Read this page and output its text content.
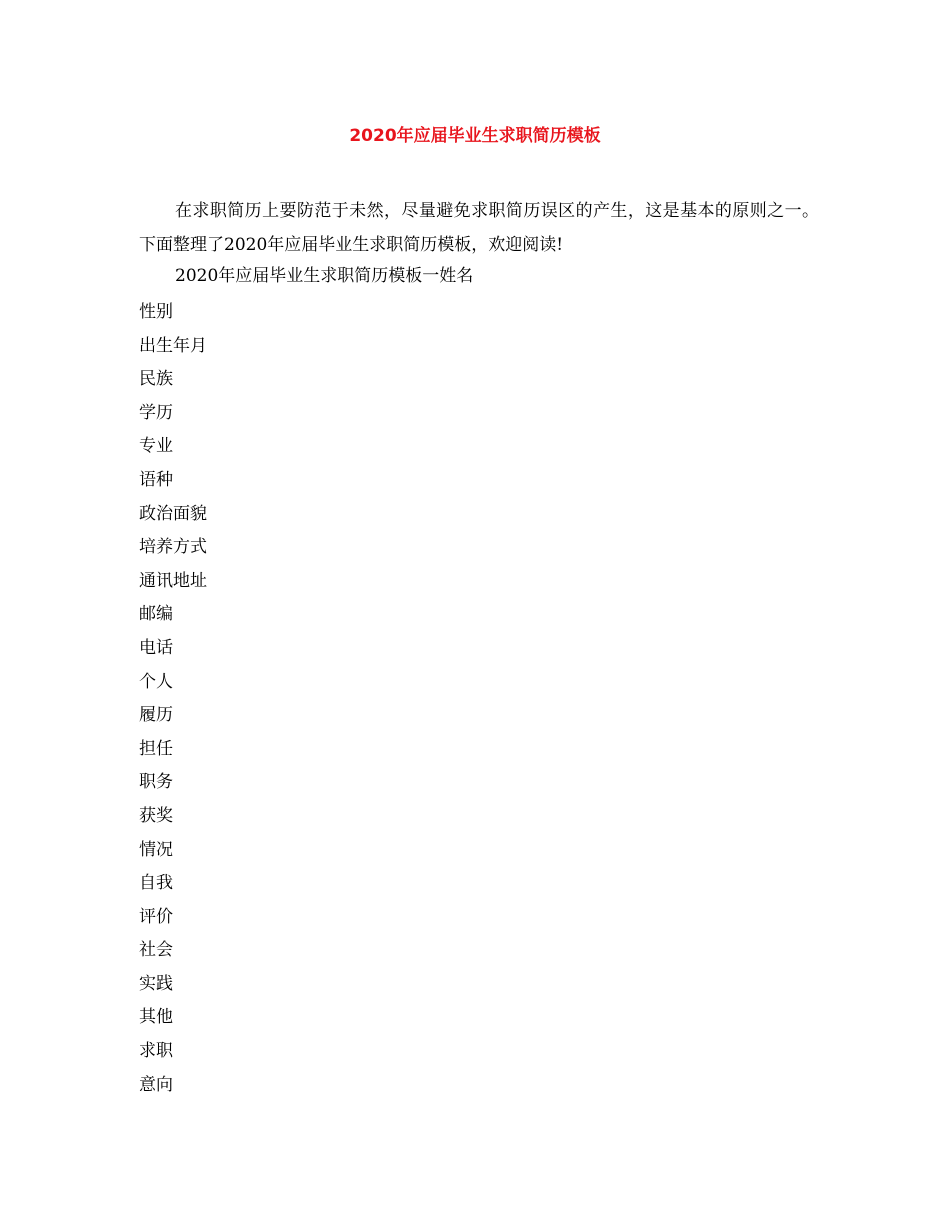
2020年应届毕业生求职简历模板

在求职简历上要防范于未然，尽量避免求职简历误区的产生，这是基本的原则之一。下面整理了2020年应届毕业生求职简历模板，欢迎阅读!

2020年应届毕业生求职简历模板一姓名
性别
出生年月
民族
学历
专业
语种
政治面貌
培养方式
通讯地址
邮编
电话
个人
履历
担任
职务
获奖
情况
自我
评价
社会
实践
其他
求职
意向
